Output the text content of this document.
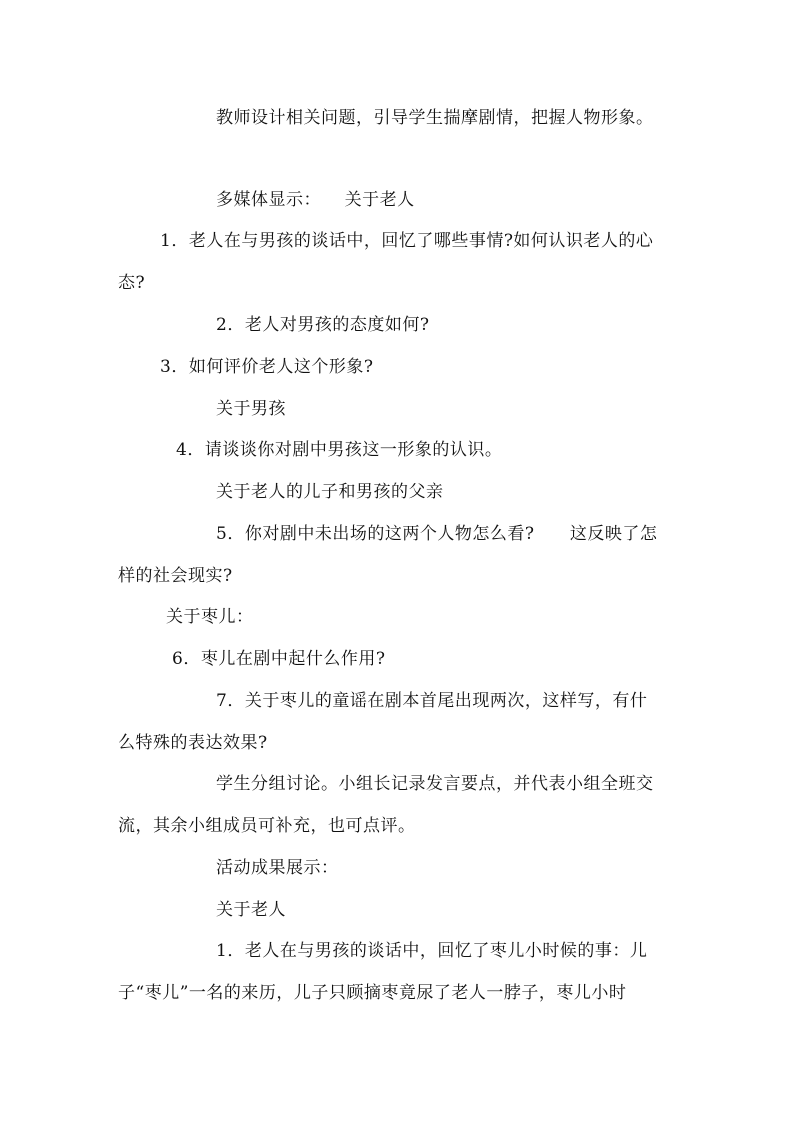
教师设计相关问题，引导学生揣摩剧情，把握人物形象。
多媒体显示：    关于老人
1．老人在与男孩的谈话中，回忆了哪些事情?如何认识老人的心
态?
2．老人对男孩的态度如何?
3．如何评价老人这个形象?
关于男孩
4．请谈谈你对剧中男孩这一形象的认识。
关于老人的儿子和男孩的父亲
5．你对剧中未出场的这两个人物怎么看?      这反映了怎
样的社会现实?
关于枣儿：
6．枣儿在剧中起什么作用?
7．关于枣儿的童谣在剧本首尾出现两次，这样写，有什
么特殊的表达效果?
学生分组讨论。小组长记录发言要点，并代表小组全班交
流，其余小组成员可补充，也可点评。
活动成果展示：
关于老人
1．老人在与男孩的谈话中，回忆了枣儿小时候的事：儿
子“枣儿”一名的来历，儿子只顾摘枣竟尿了老人一脖子，枣儿小时
